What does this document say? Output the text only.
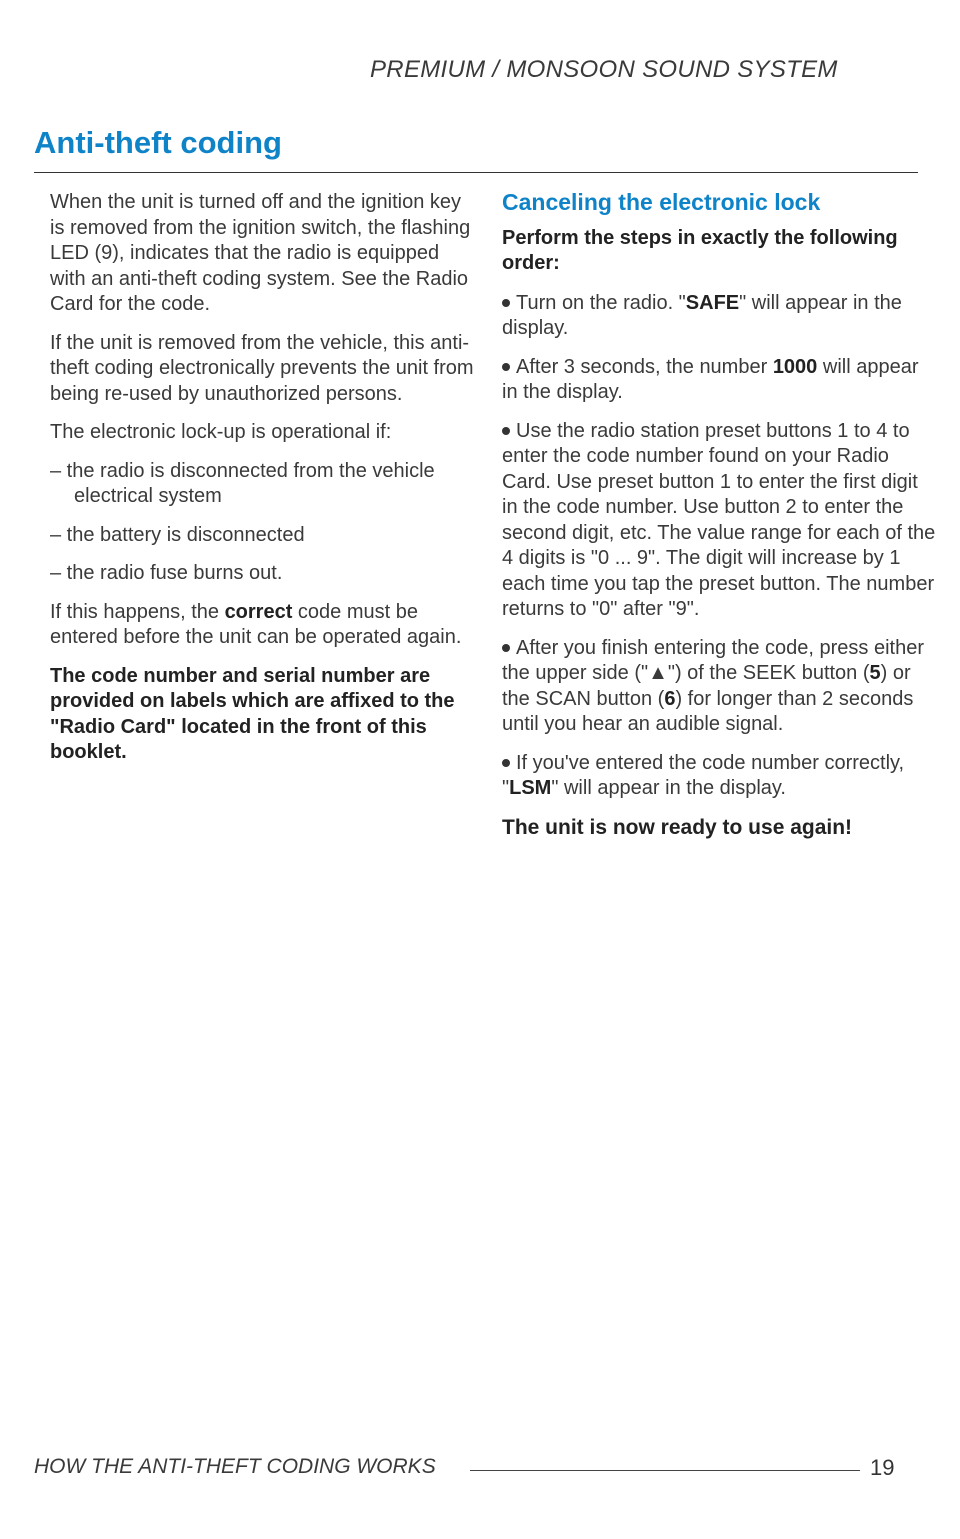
PREMIUM / MONSOON SOUND SYSTEM
Anti-theft coding

When the unit is turned off and the ignition key is removed from the ignition switch, the flashing LED (9), indicates that the radio is equipped with an anti-theft coding system. See the Radio Card for the code.

If the unit is removed from the vehicle, this anti-theft coding electronically prevents the unit from being re-used by unauthorized persons.

The electronic lock-up is operational if:

– the radio is disconnected from the vehicle electrical system

– the battery is disconnected

– the radio fuse burns out.

If this happens, the correct code must be entered before the unit can be operated again.

The code number and serial number are provided on labels which are affixed to the "Radio Card" located in the front of this booklet.

Canceling the electronic lock

Perform the steps in exactly the following order:

Turn on the radio. "SAFE" will appear in the display.

After 3 seconds, the number 1000 will appear in the display.

Use the radio station preset buttons 1 to 4 to enter the code number found on your Radio Card. Use preset button 1 to enter the first digit in the code number. Use button 2 to enter the second digit, etc. The value range for each of the 4 digits is "0 ... 9". The digit will increase by 1 each time you tap the preset button. The number returns to "0" after "9".

After you finish entering the code, press either the upper side ("▲") of the SEEK button (5) or the SCAN button (6) for longer than 2 seconds until you hear an audible signal.

If you've entered the code number correctly, "LSM" will appear in the display.

The unit is now ready to use again!

HOW THE ANTI-THEFT CODING WORKS	19
